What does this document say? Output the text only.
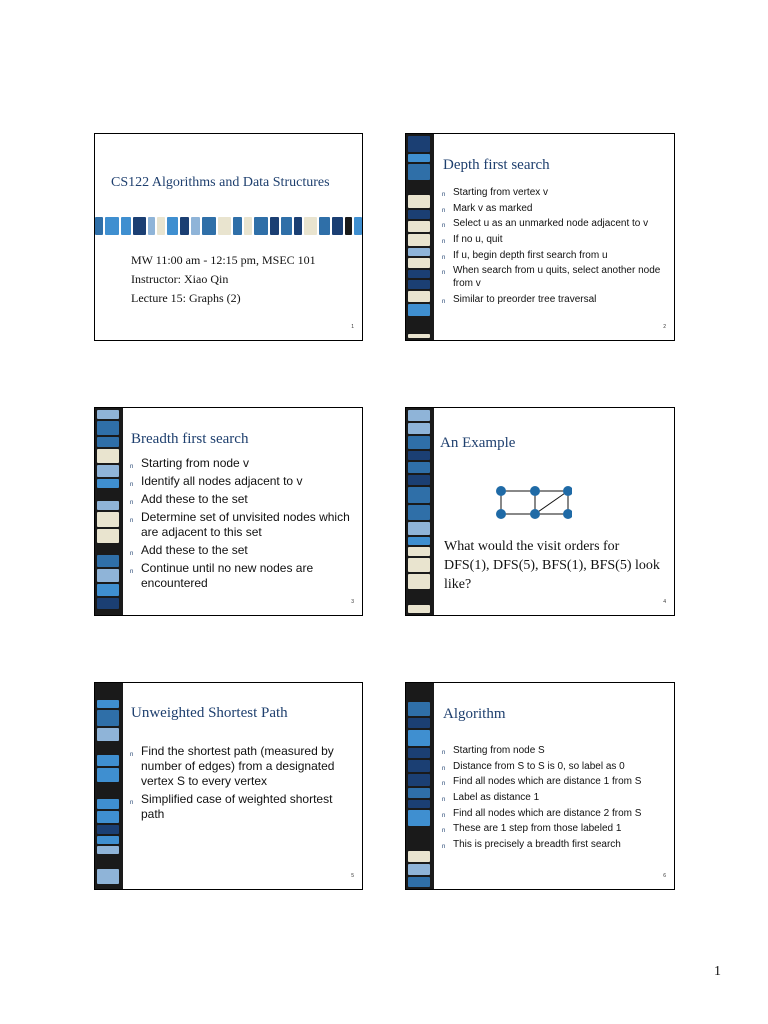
CS122 Algorithms and Data Structures
MW 11:00 am - 12:15 pm, MSEC 101
Instructor: Xiao Qin
Lecture 15: Graphs (2)
1
Depth first search
n Starting from vertex v
n Mark v as marked
n Select u as an unmarked node adjacent to v
n If no u, quit
n If u, begin depth first search from u
n When search from u quits, select another node from v
n Similar to preorder tree traversal
2
Breadth first search
n Starting from node v
n Identify all nodes adjacent to v
n Add these to the set
n Determine set of unvisited nodes which are adjacent to this set
n Add these to the set
n Continue until no new nodes are encountered
3
An Example
What would the visit orders for DFS(1), DFS(5), BFS(1), BFS(5) look like?
4
Unweighted Shortest Path
n Find the shortest path (measured by number of edges) from a designated vertex S to every vertex
n Simplified case of weighted shortest path
5
Algorithm
n Starting from node S
n Distance from S to S is 0, so label as 0
n Find all nodes which are distance 1 from S
n Label as distance 1
n Find all nodes which are distance 2 from S
n These are 1 step from those labeled 1
n This is precisely a breadth first search
6
1
